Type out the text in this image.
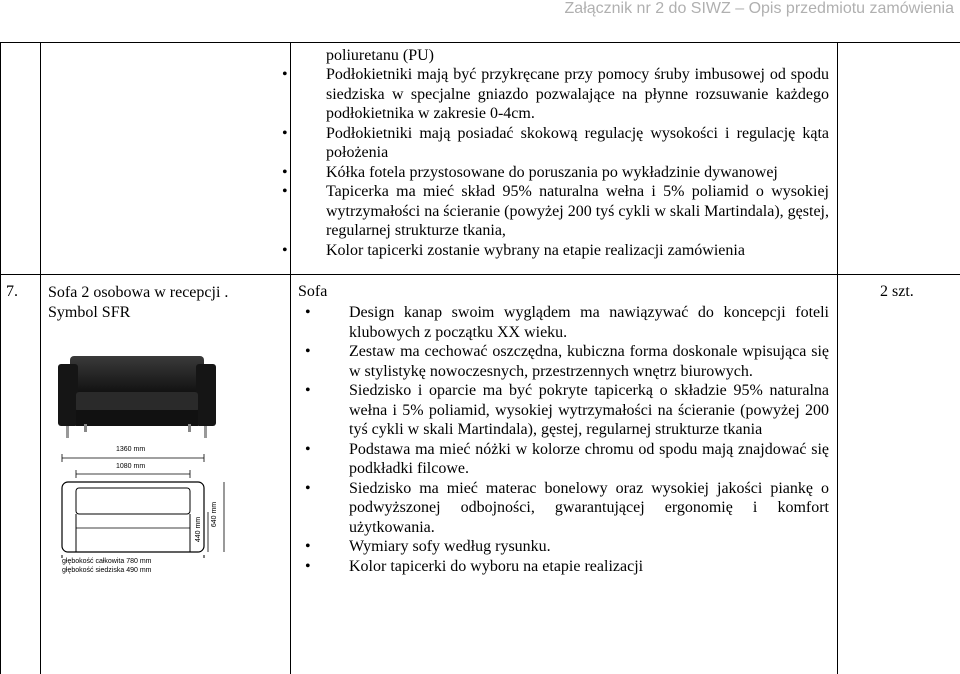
Załącznik nr 2 do SIWZ – Opis przedmiotu zamówienia
poliuretanu (PU)
• Podłokietniki mają być przykręcane przy pomocy śruby imbusowej od spodu siedziska w specjalne gniazdo pozwalające na płynne rozsuwanie każdego podłokietnika w zakresie 0-4cm.
• Podłokietniki mają posiadać skokową regulację wysokości i regulację kąta położenia
• Kółka fotela przystosowane do poruszania po wykładzinie dywanowej
• Tapicerka ma mieć skład 95% naturalna wełna i 5% poliamid o wysokiej wytrzymałości na ścieranie (powyżej 200 tyś cykli w skali Martindala), gęstej, regularnej strukturze tkania,
• Kolor tapicerki zostanie wybrany na etapie realizacji zamówienia
7. Sofa 2 osobowa w recepcji .
Symbol SFR
Sofa	2 szt.
• Design kanap swoim wyglądem ma nawiązywać do koncepcji foteli klubowych z początku XX wieku.
• Zestaw ma cechować oszczędna, kubiczna forma doskonale wpisująca się w stylistykę nowoczesnych, przestrzennych wnętrz biurowych.
• Siedzisko i oparcie ma być pokryte tapicerką o składzie 95% naturalna wełna i 5% poliamid, wysokiej wytrzymałości na ścieranie (powyżej 200 tyś cykli w skali Martindala), gęstej, regularnej strukturze tkania
• Podstawa ma mieć nóżki w kolorze chromu od spodu mają znajdować się podkładki filcowe.
• Siedzisko ma mieć materac bonelowy oraz wysokiej jakości piankę o podwyższonej odbojności, gwarantującej ergonomię i komfort użytkowania.
• Wymiary sofy według rysunku.
• Kolor tapicerki do wyboru na etapie realizacji
1360 mm
1080 mm
440 mm
640 mm
głębokość całkowita 780 mm
głębokość siedziska 490 mm
